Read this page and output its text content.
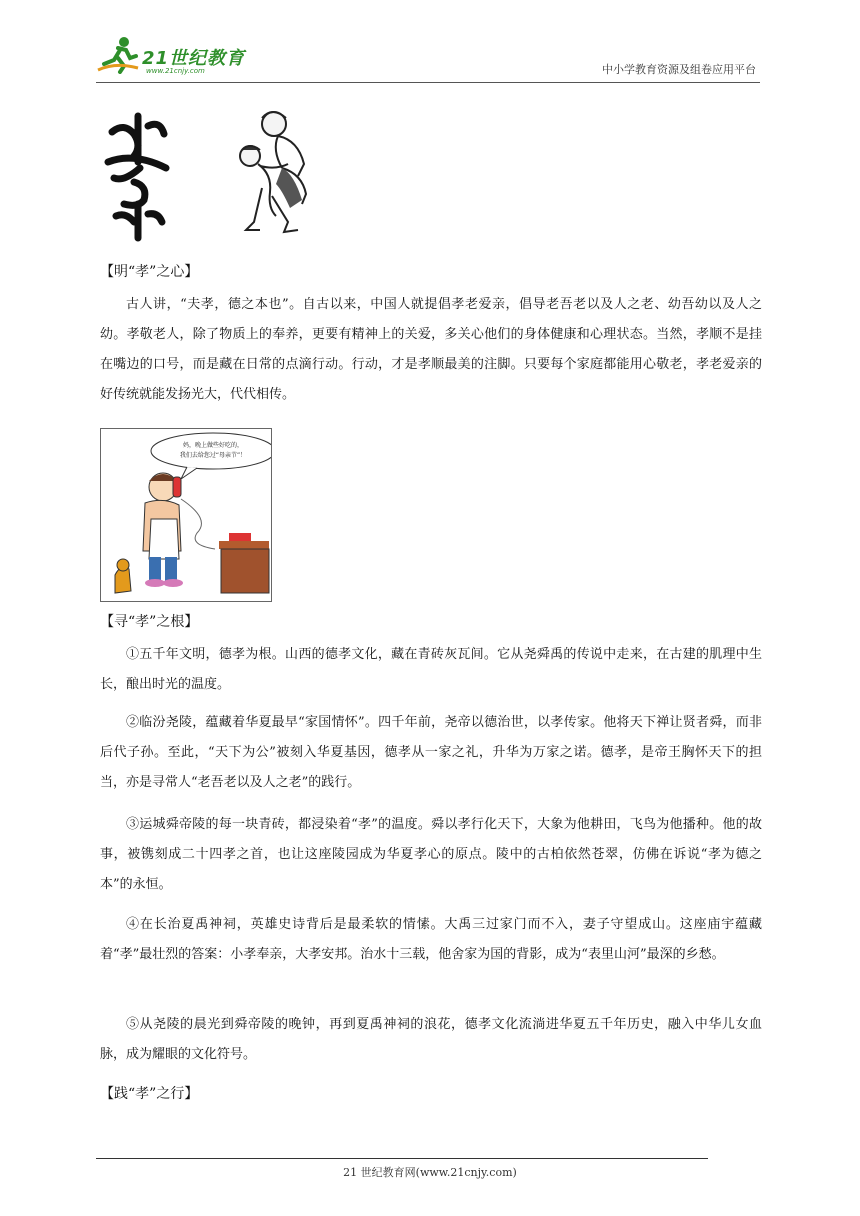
21世纪教育
www.21cnjy.com	中小学教育资源及组卷应用平台
【明“孝”之心】

古人讲，“夫孝，德之本也”。自古以来，中国人就提倡孝老爱亲，倡导老吾老以及人之老、幼吾幼以及人之幼。孝敬老人，除了物质上的奉养，更要有精神上的关爱，多关心他们的身体健康和心理状态。当然，孝顺不是挂在嘴边的口号，而是藏在日常的点滴行动。行动，才是孝顺最美的注脚。只要每个家庭都能用心敬老，孝老爱亲的好传统就能发扬光大，代代相传。

妈，晚上做些好吃的，
我们去给您过“母亲节”！
【寻“孝”之根】

①五千年文明，德孝为根。山西的德孝文化，藏在青砖灰瓦间。它从尧舜禹的传说中走来，在古建的肌理中生长，酿出时光的温度。

②临汾尧陵，蕴藏着华夏最早“家国情怀”。四千年前，尧帝以德治世，以孝传家。他将天下禅让贤者舜，而非后代子孙。至此，“天下为公”被刻入华夏基因，德孝从一家之礼，升华为万家之诺。德孝，是帝王胸怀天下的担当，亦是寻常人“老吾老以及人之老”的践行。

③运城舜帝陵的每一块青砖，都浸染着“孝”的温度。舜以孝行化天下，大象为他耕田，飞鸟为他播种。他的故事，被镌刻成二十四孝之首，也让这座陵园成为华夏孝心的原点。陵中的古柏依然苍翠，仿佛在诉说“孝为德之本”的永恒。

④在长治夏禹神祠，英雄史诗背后是最柔软的情愫。大禹三过家门而不入，妻子守望成山。这座庙宇蕴藏着“孝”最壮烈的答案：小孝奉亲，大孝安邦。治水十三载，他舍家为国的背影，成为“表里山河”最深的乡愁。

⑤从尧陵的晨光到舜帝陵的晚钟，再到夏禹神祠的浪花，德孝文化流淌进华夏五千年历史，融入中华儿女血脉，成为耀眼的文化符号。

【践“孝”之行】
21 世纪教育网(www.21cnjy.com)
